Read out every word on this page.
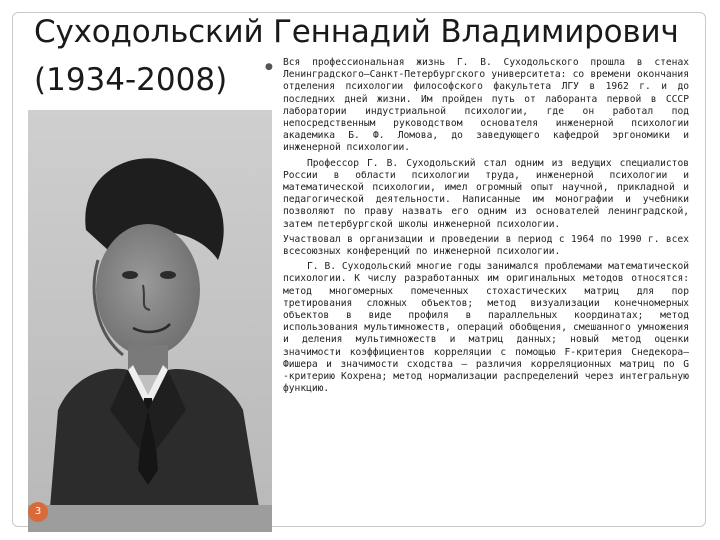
Суходольский Геннадий Владимирович
(1934-2008)	● Вся профессиональная жизнь Г. В. Суходольского прошла в стенах Ленинградского—Санкт-Петербургского университета: со времени окончания отделения психологии философского факультета ЛГУ в 1962 г. и до последних дней жизни. Им пройден путь от лаборанта первой в СССР лаборатории индустриальной психологии, где он работал под непосредственным руководством основателя инженерной психологии академика Б. Ф. Ломова, до заведующего кафедрой эргономики и инженерной психологии.

Профессор Г. В. Суходольский стал одним из ведущих специалистов России в области психологии труда, инженерной психологии и математической психологии, имел огромный опыт научной, прикладной и педагогической деятельности. Написанные им монографии и учебники позволяют по праву назвать его одним из основателей ленинградской, затем петербургской школы инженерной психологии.

Участвовал в организации и проведении в период с 1964 по 1990 г. всех всесоюзных конференций по инженерной психологии.

Г. В. Суходольский многие годы занимался проблемами математической психологии. К числу разработанных им оригинальных методов относятся: метод многомерных помеченных стохастических матриц для пор третирования сложных объектов; метод визуализации конечномерных объектов в виде профиля в параллельных координатах; метод использования мультимножеств, операций обобщения, смешанного умножения и деления мультимножеств и матриц данных; новый метод оценки значимости коэффициентов корреляции с помощью F-критерия Снедекора—Фишера и значимости сходства — различия корреляционных матриц по G -критерию Кохрена; метод нормализации распределений через интегральную функцию.

3
